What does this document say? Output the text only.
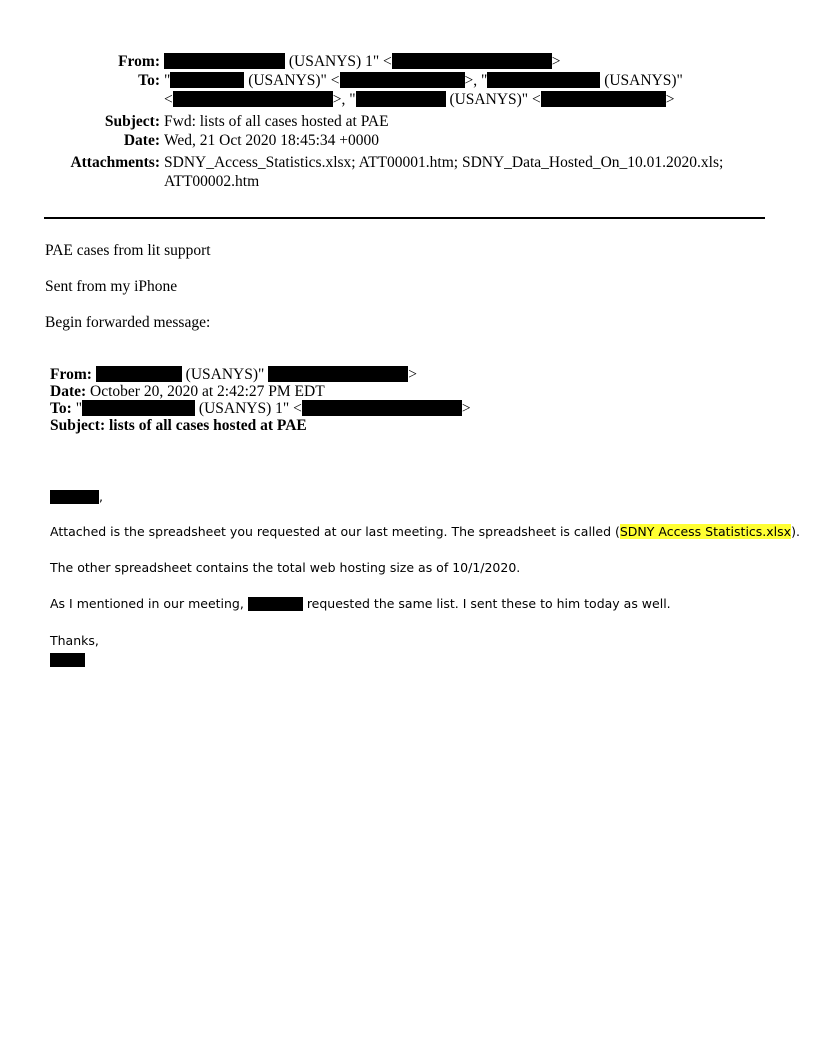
From:	(USANYS) 1" < >
To:	" (USANYS)" < >, " (USANYS)"
< >, " (USANYS)" < >
Subject:	Fwd: lists of all cases hosted at PAE
Date:	Wed, 21 Oct 2020 18:45:34 +0000
Attachments:	SDNY_Access_Statistics.xlsx; ATT00001.htm; SDNY_Data_Hosted_On_10.01.2020.xls;
ATT00002.htm
PAE cases from lit support
Sent from my iPhone
Begin forwarded message:
From:	(USANYS)"	>
Date: October 20, 2020 at 2:42:27 PM EDT
To: "	(USANYS) 1" <	>
Subject: lists of all cases hosted at PAE
,
Attached is the spreadsheet you requested at our last meeting. The spreadsheet is called (SDNY Access Statistics.xlsx).
The other spreadsheet contains the total web hosting size as of 10/1/2020.
As I mentioned in our meeting,	requested the same list. I sent these to him today as well.
Thanks,
